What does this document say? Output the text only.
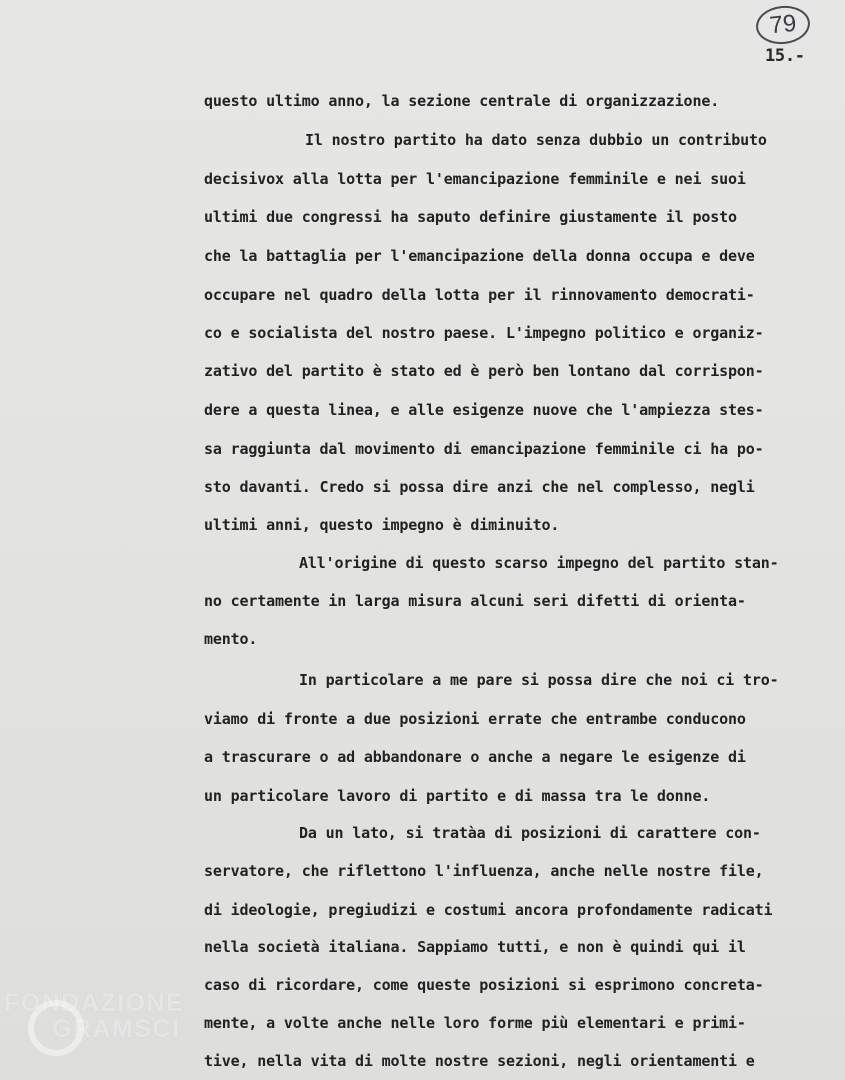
79
15.-
questo ultimo anno, la sezione centrale di organizzazione.
Il nostro partito ha dato senza dubbio un contributo
decisivox alla lotta per l'emancipazione femminile e nei suoi
ultimi due congressi ha saputo definire giustamente il posto
che la battaglia per l'emancipazione della donna occupa e deve
occupare nel quadro della lotta per il rinnovamento democrati-
co e socialista del nostro paese. L'impegno politico e organiz-
zativo del partito è stato ed è però ben lontano dal corrispon-
dere a questa linea, e alle esigenze nuove che l'ampiezza stes-
sa raggiunta dal movimento di emancipazione femminile ci ha po-
sto davanti. Credo si possa dire anzi che nel complesso, negli
ultimi anni, questo impegno è diminuito.
All'origine di questo scarso impegno del partito stan-
no certamente in larga misura alcuni seri difetti di orienta-
mento.
In particolare a me pare si possa dire che noi ci tro-
viamo di fronte a due posizioni errate che entrambe conducono
a trascurare o ad abbandonare o anche a negare le esigenze di
un particolare lavoro di partito e di massa tra le donne.
Da un lato, si tratàa di posizioni di carattere con-
servatore, che riflettono l'influenza, anche nelle nostre file,
di ideologie, pregiudizi e costumi ancora profondamente radicati
nella società italiana. Sappiamo tutti, e non è quindi qui il
caso di ricordare, come queste posizioni si esprimono concreta-
mente, a volte anche nelle loro forme più elementari e primi-
tive, nella vita di molte nostre sezioni, negli orientamenti e
FONDAZIONE
GRAMSCI
